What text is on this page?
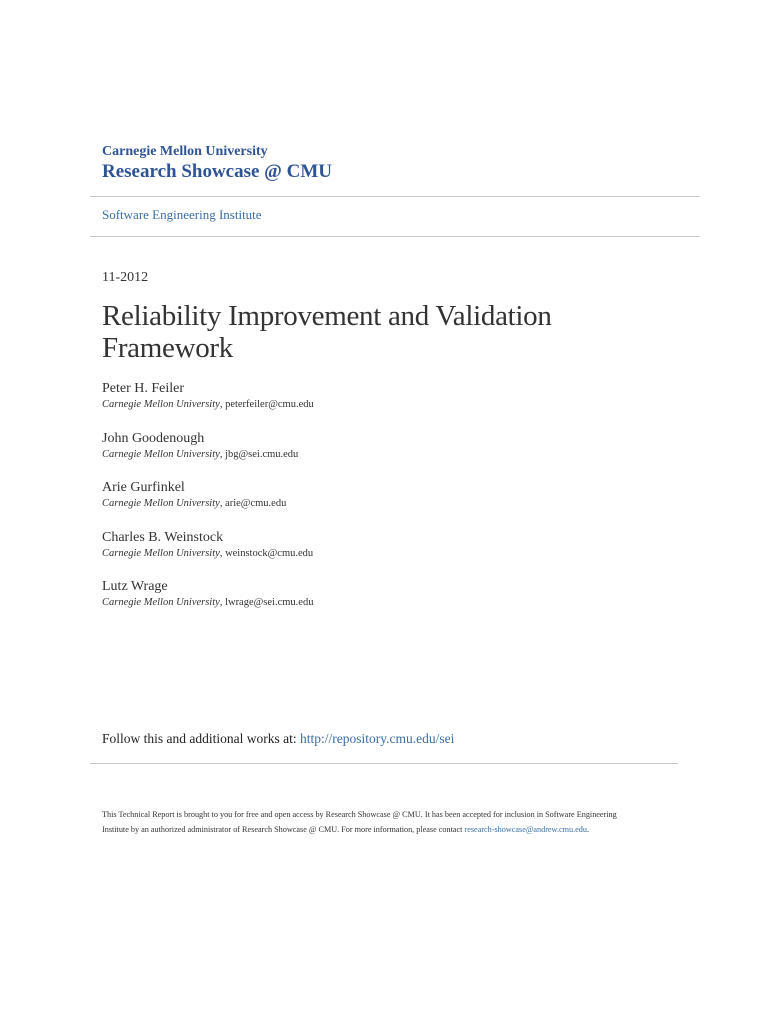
Carnegie Mellon University
Research Showcase @ CMU
Software Engineering Institute
11-2012
Reliability Improvement and Validation Framework
Peter H. Feiler
Carnegie Mellon University, peterfeiler@cmu.edu
John Goodenough
Carnegie Mellon University, jbg@sei.cmu.edu
Arie Gurfinkel
Carnegie Mellon University, arie@cmu.edu
Charles B. Weinstock
Carnegie Mellon University, weinstock@cmu.edu
Lutz Wrage
Carnegie Mellon University, lwrage@sei.cmu.edu
Follow this and additional works at: http://repository.cmu.edu/sei
This Technical Report is brought to you for free and open access by Research Showcase @ CMU. It has been accepted for inclusion in Software Engineering Institute by an authorized administrator of Research Showcase @ CMU. For more information, please contact research-showcase@andrew.cmu.edu.
